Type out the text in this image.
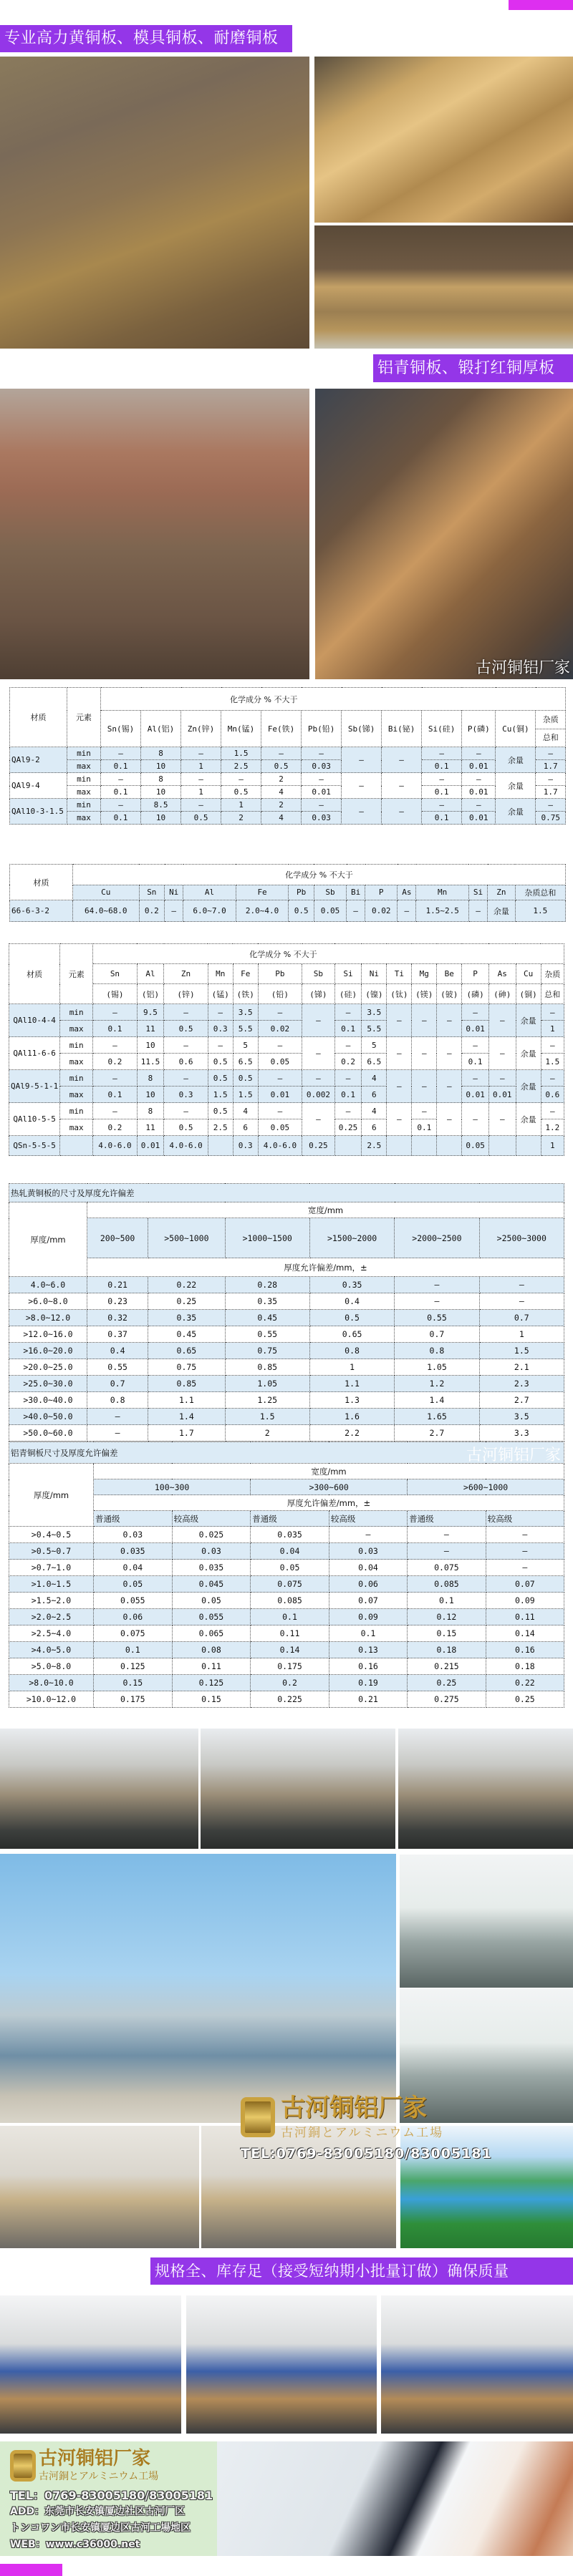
专业高力黄铜板、模具铜板、耐磨铜板
铝青铜板、锻打红铜厚板
古河铜铝厂家
材质	元素	化学成分 % 不大于											
		Sn(锡)	Al(铝)	Zn(锌)	Mn(锰)	Fe(铁)	Pb(铅)	Sb(锑)	Bi(铋)	Si(硅)	P(磷)	Cu(铜)	杂质
总和

QAl9-2	min	—	8	—	1.5	—	—	—	—	—	—	余量	—
	max	0.1	10	1	2.5	0.5	0.03			0.1	0.01		1.7
QAl9-4	min	—	8	—	—	2	—	—	—	—	—	余量	—
	max	0.1	10	1	0.5	4	0.01			0.1	0.01		1.7
QAl10-3-1.5	min	—	8.5	—	1	2	—	—	—	—	—	余量	—
	max	0.1	10	0.5	2	4	0.03			0.1	0.01		0.75
材质	化学成分 % 不大于													
	Cu	Sn	Ni	Al	Fe	Pb	Sb	Bi	P	As	Mn	Si	Zn	杂质总和
66-6-3-2	64.0~68.0	0.2	—	6.0~7.0	2.0~4.0	0.5	0.05	—	0.02	—	1.5~2.5	—	余量	1.5
材质	元素	化学成分 % 不大于															
		Sn	Al	Zn	Mn	Fe	Pb	Sb	Si	Ni	Ti	Mg	Be	P	As	Cu	杂质
		(锡)	(铝)	(锌)	(锰)	(铁)	(铅)	(锑)	(硅)	(镍)	(钛)	(镁)	(铍)	(磷)	(砷)	(铜)	总和
QAl10-4-4	min	—	9.5	—	—	3.5	—	—	—	3.5	—	—	—	—	—	余量	—
	max	0.1	11	0.5	0.3	5.5	0.02		0.1	5.5				0.01			1
QAl11-6-6	min	—	10	—	—	5	—	—	—	5	—	—	—	—	—	余量	—
	max	0.2	11.5	0.6	0.5	6.5	0.05		0.2	6.5				0.1			1.5
QAl9-5-1-1	min	—	8	—	0.5	0.5	—	—	—	4	—	—	—	—	—	余量	—
	max	0.1	10	0.3	1.5	1.5	0.01	0.002	0.1	6				0.01	0.01		0.6
QAl10-5-5	min	—	8	—	0.5	4	—	—	—	4	—	—	—	—	—	余量	—
	max	0.2	11	0.5	2.5	6	0.05		0.25	6		0.1					1.2
QSn-5-5-5		4.0-6.0	0.01	4.0-6.0		0.3	4.0-6.0	0.25		2.5				0.05			1
热轧黄铜板的尺寸及厚度允许偏差						
厚度/mm	宽度/mm					
	200~500	>500~1000	>1000~1500	>1500~2000	>2000~2500	>2500~3000
	厚度允许偏差/mm，±					
4.0~6.0	0.21	0.22	0.28	0.35	—	—
>6.0~8.0	0.23	0.25	0.35	0.4	—	—
>8.0~12.0	0.32	0.35	0.45	0.5	0.55	0.7
>12.0~16.0	0.37	0.45	0.55	0.65	0.7	1
>16.0~20.0	0.4	0.65	0.75	0.8	0.8	1.5
>20.0~25.0	0.55	0.75	0.85	1	1.05	2.1
>25.0~30.0	0.7	0.85	1.05	1.1	1.2	2.3
>30.0~40.0	0.8	1.1	1.25	1.3	1.4	2.7
>40.0~50.0	—	1.4	1.5	1.6	1.65	3.5
>50.0~60.0	—	1.7	2	2.2	2.7	3.3
铝青铜板尺寸及厚度允许偏差 古河铜铝厂家						

厚度/mm	宽度/mm					
	100~300		>300~600		>600~1000	
	厚度允许偏差/mm，±					
	普通级	较高级	普通级	较高级	普通级	较高级
>0.4~0.5	0.03	0.025	0.035	—	—	—
>0.5~0.7	0.035	0.03	0.04	0.03	—	—
>0.7~1.0	0.04	0.035	0.05	0.04	0.075	—
>1.0~1.5	0.05	0.045	0.075	0.06	0.085	0.07
>1.5~2.0	0.055	0.05	0.085	0.07	0.1	0.09
>2.0~2.5	0.06	0.055	0.1	0.09	0.12	0.11
>2.5~4.0	0.075	0.065	0.11	0.1	0.15	0.14
>4.0~5.0	0.1	0.08	0.14	0.13	0.18	0.16
>5.0~8.0	0.125	0.11	0.175	0.16	0.215	0.18
>8.0~10.0	0.15	0.125	0.2	0.19	0.25	0.22
>10.0~12.0	0.175	0.15	0.225	0.21	0.275	0.25
古河铜铝厂家
古河銅とアルミニウム工場
TEL:0769-83005180/83005181
规格全、库存足（接受短纳期小批量订做）确保质量
古河铜铝厂家
古河銅とアルミニウム工場
TEL：0769-83005180/83005181
ADD：东莞市长安镇厦边社区古河厂区
トンコワン市长安镇厦边区古河工場地区
WEB：www.c36000.net
